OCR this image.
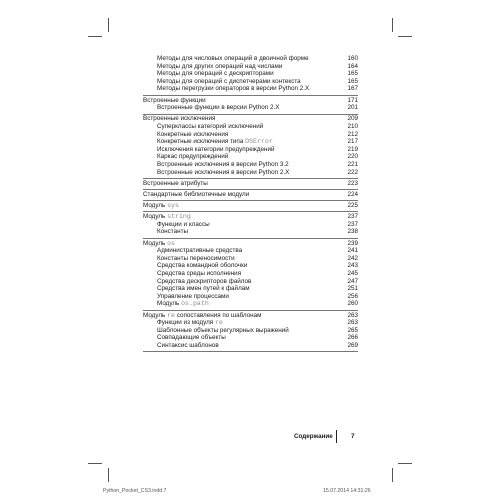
Методы для числовых операций в двоичной форме	160
Методы для других операций над числами	164
Методы для операций с дескрипторами	165
Методы для операций с диспетчерами контекста	165
Методы перегрузки операторов в версии Python 2.X	167
Встроенные функции	171
Встроенные функции в версии Python 2.X	201
Встроенные исключения	209
Суперклассы категорий исключений	210
Конкретные исключения	212
Конкретные исключения типа OSError	217
Исключения категории предупреждений	219
Каркас предупреждений	220
Встроенные исключения в версии Python 3.2	221
Встроенные исключения в версии Python 2.X	222
Встроенные атрибуты	223
Стандартные библиотечные модули	224
Модуль sys	225
Модуль string	237
Функции и классы	237
Константы	238
Модуль os	239
Административные средства	241
Константы переносимости	242
Средства командной оболочки	243
Средства среды исполнения	245
Средства дескрипторов файлов	247
Средства имен путей к файлам	251
Управление процессами	256
Модуль os.path	260
Модуль re сопоставления по шаблонам	263
Функции из модуля re	263
Шаблонные объекты регулярных выражений	265
Совпадающие объекты	266
Синтаксис шаблонов	269
Содержание	7
Python_Pocket_CS3.indd 7	15.07.2014 14:31:26
